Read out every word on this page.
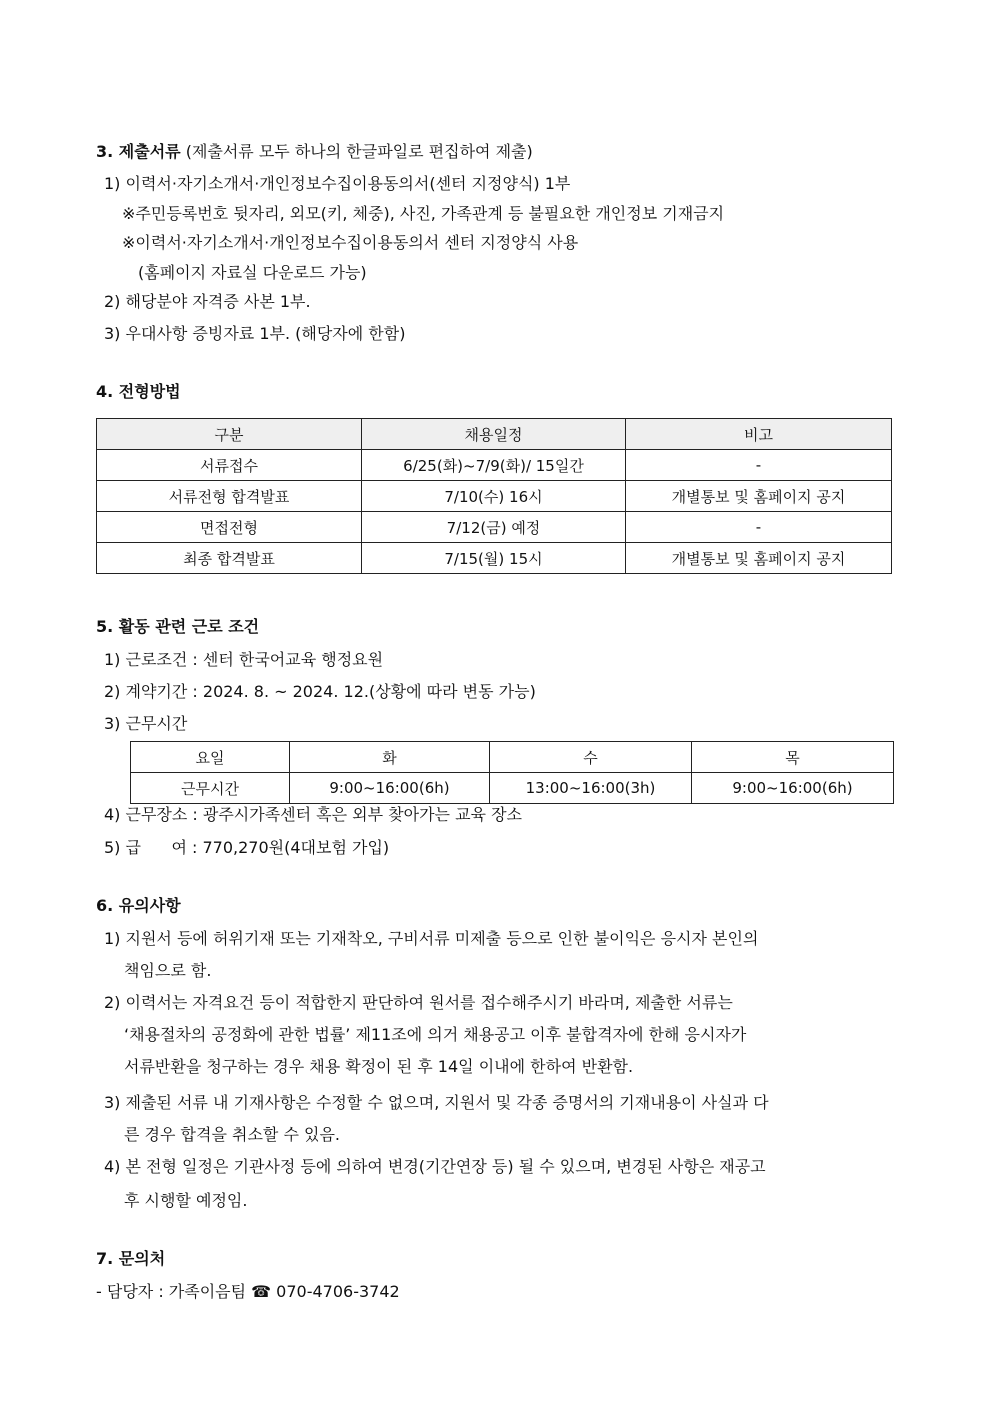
3. 제출서류 (제출서류 모두 하나의 한글파일로 편집하여 제출)
1) 이력서·자기소개서·개인정보수집이용동의서(센터 지정양식) 1부
※주민등록번호 뒷자리, 외모(키, 체중), 사진, 가족관계 등 불필요한 개인정보 기재금지
※이력서·자기소개서·개인정보수집이용동의서 센터 지정양식 사용
(홈페이지 자료실 다운로드 가능)
2) 해당분야 자격증 사본 1부.
3) 우대사항 증빙자료 1부. (해당자에 한함)
4. 전형방법
구분	채용일정	비고
서류접수	6/25(화)~7/9(화)/ 15일간	-
서류전형 합격발표	7/10(수) 16시	개별통보 및 홈페이지 공지
면접전형	7/12(금) 예정	-
최종 합격발표	7/15(월) 15시	개별통보 및 홈페이지 공지
5. 활동 관련 근로 조건
1) 근로조건 : 센터 한국어교육 행정요원
2) 계약기간 : 2024. 8. ~ 2024. 12.(상황에 따라 변동 가능)
3) 근무시간
요일	화	수	목
근무시간	9:00~16:00(6h)	13:00~16:00(3h)	9:00~16:00(6h)
4) 근무장소 : 광주시가족센터 혹은 외부 찾아가는 교육 장소
5) 급      여 : 770,270원(4대보험 가입)
6. 유의사항
1) 지원서 등에 허위기재 또는 기재착오, 구비서류 미제출 등으로 인한 불이익은 응시자 본인의
책임으로 함.
2) 이력서는 자격요건 등이 적합한지 판단하여 원서를 접수해주시기 바라며, 제출한 서류는
‘채용절차의 공정화에 관한 법률’ 제11조에 의거 채용공고 이후 불합격자에 한해 응시자가
서류반환을 청구하는 경우 채용 확정이 된 후 14일 이내에 한하여 반환함.
3) 제출된 서류 내 기재사항은 수정할 수 없으며, 지원서 및 각종 증명서의 기재내용이 사실과 다
른 경우 합격을 취소할 수 있음.
4) 본 전형 일정은 기관사정 등에 의하여 변경(기간연장 등) 될 수 있으며, 변경된 사항은 재공고
후 시행할 예정임.
7. 문의처
- 담당자 : 가족이음팀 ☎ 070-4706-3742
